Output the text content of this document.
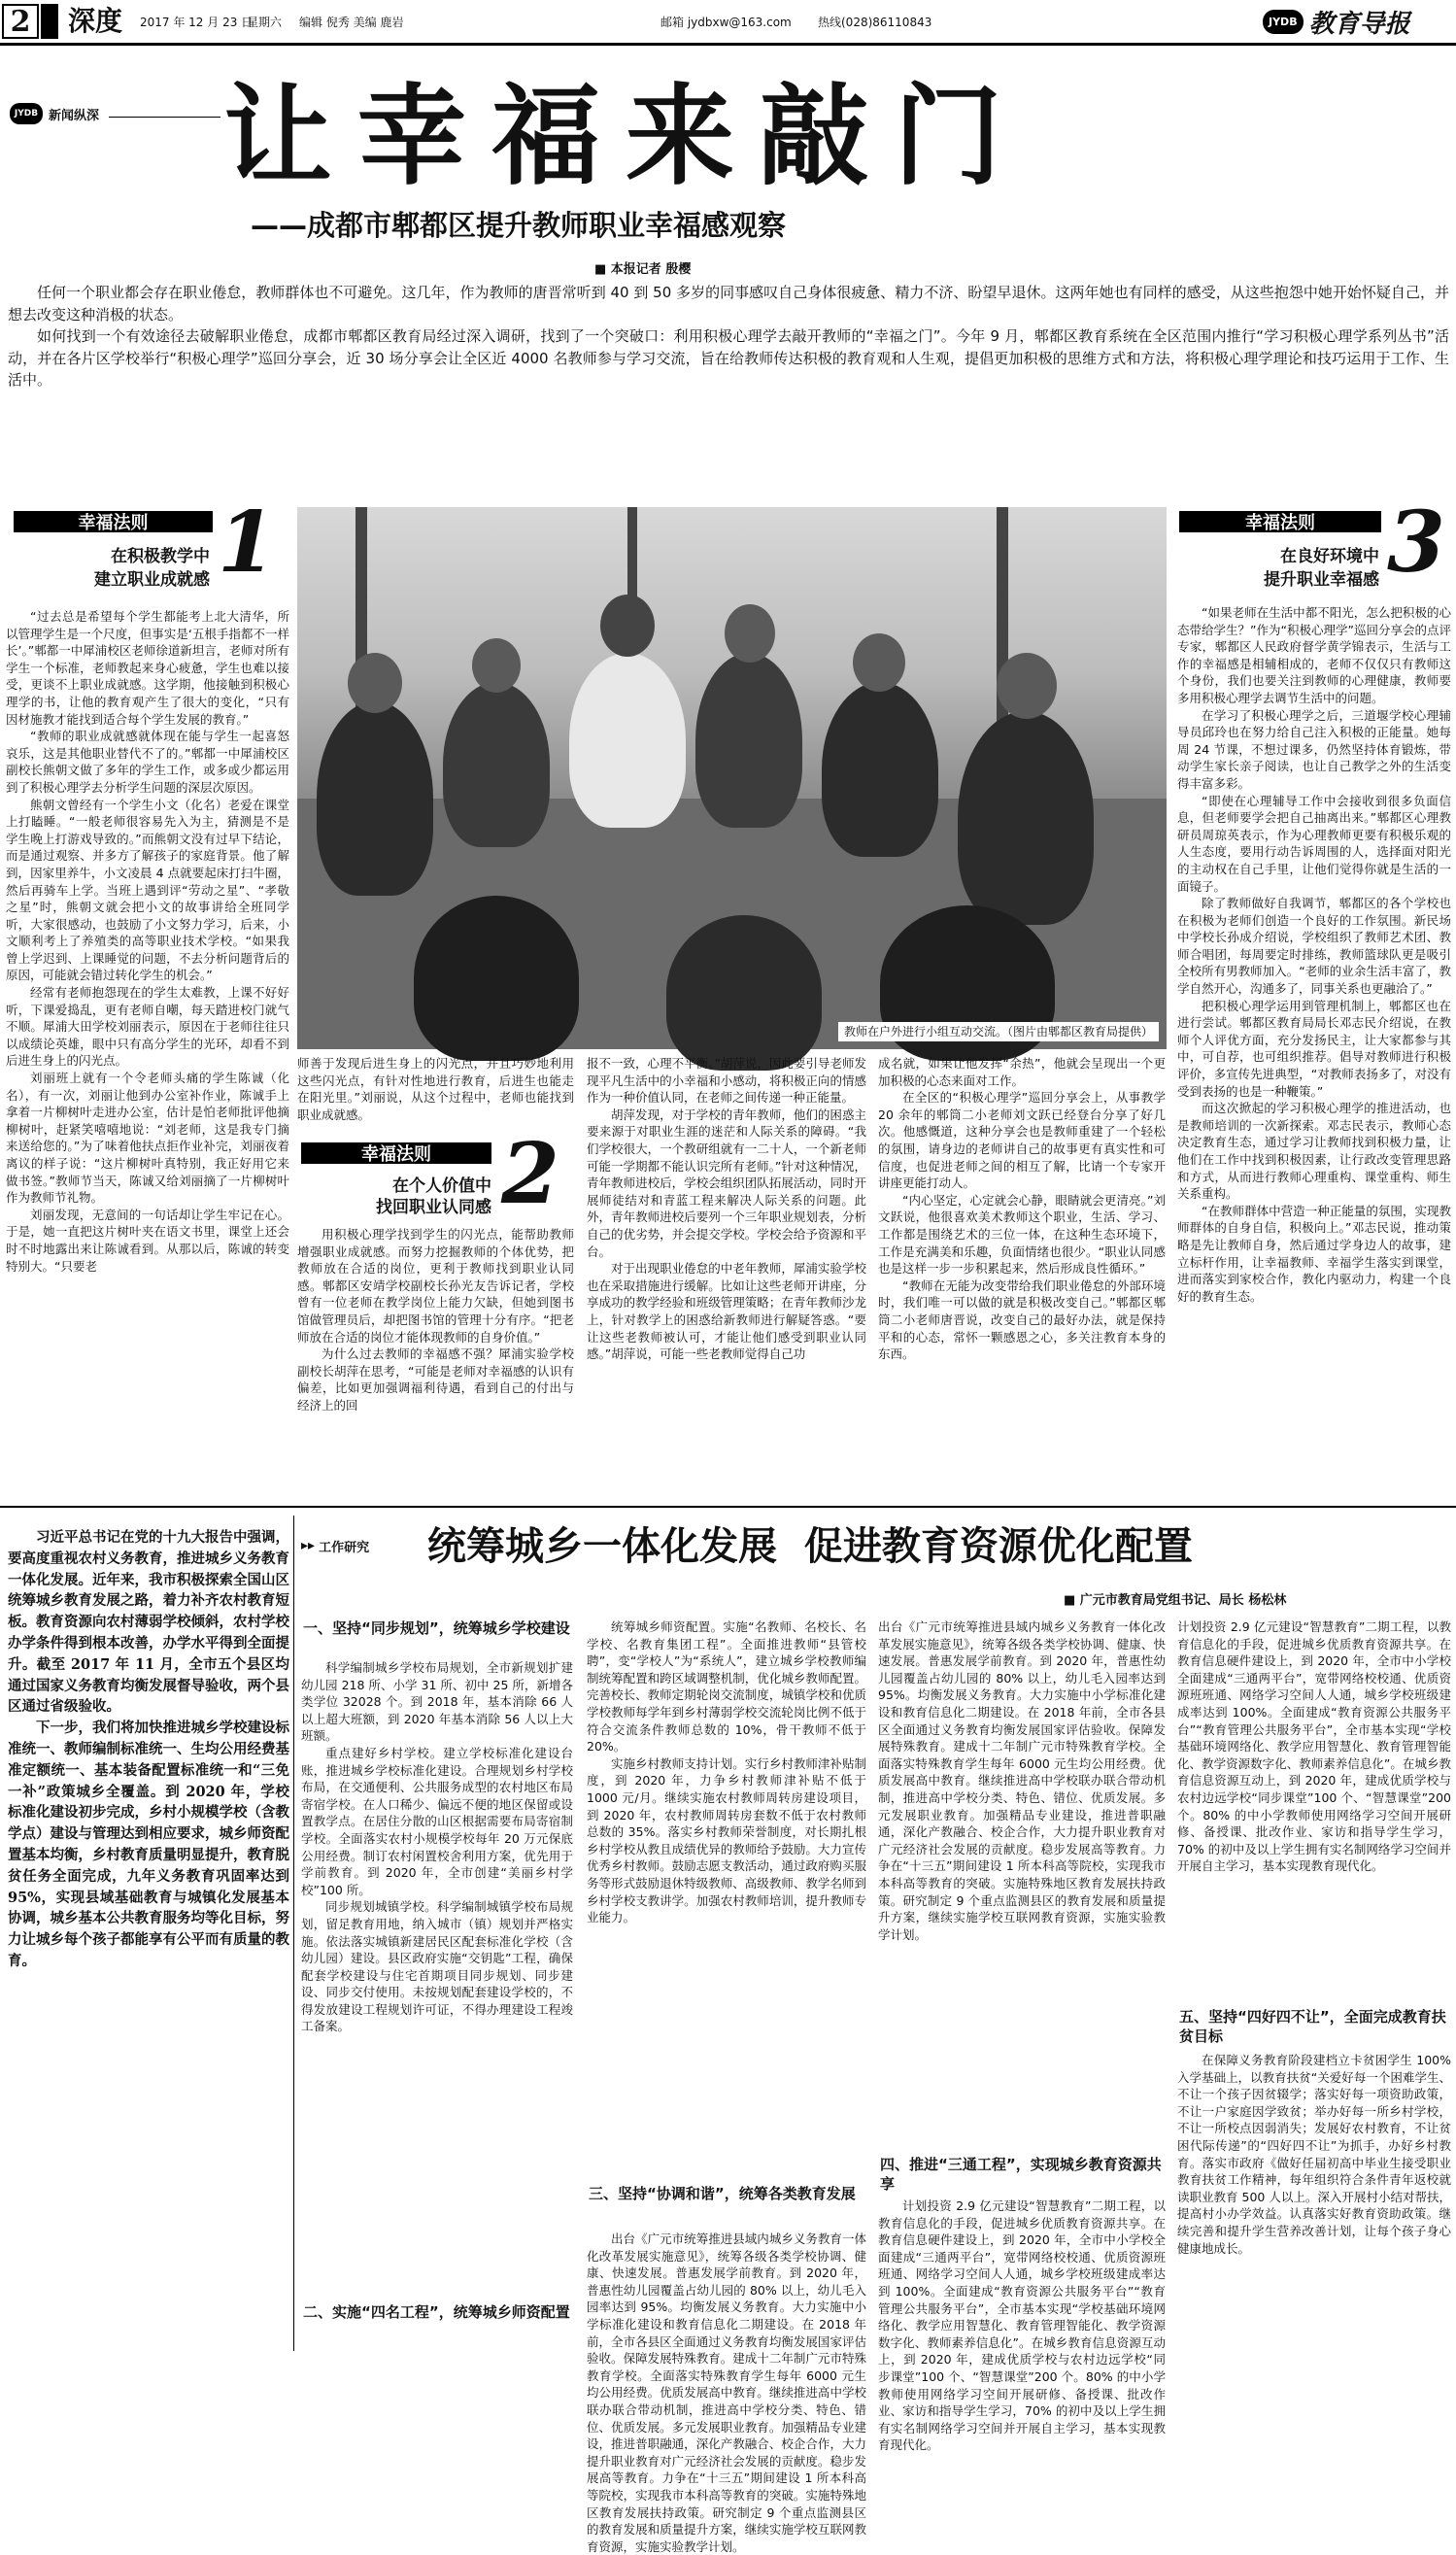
2 深度 2017 年 12 月 23 日
星期六 编辑 倪秀 美编 鹿岩	邮箱 jydbxw@163.com 热线(028)86110843	JYDB 教育导报
JYDB 新闻纵深 让幸福来敲门
——成都市郫都区提升教师职业幸福感观察
■ 本报记者 殷樱

任何一个职业都会存在职业倦怠，教师群体也不可避免。这几年，作为教师的唐晋常听到 40 到 50 多岁的同事感叹自己身体很疲惫、精力不济、盼望早退休。这两年她也有同样的感受，从这些抱怨中她开始怀疑自己，并想去改变这种消极的状态。

如何找到一个有效途径去破解职业倦怠，成都市郫都区教育局经过深入调研，找到了一个突破口：利用积极心理学去敲开教师的“幸福之门”。今年 9 月，郫都区教育系统在全区范围内推行“学习积极心理学系列丛书”活动，并在各片区学校举行“积极心理学”巡回分享会，近 30 场分享会让全区近 4000 名教师参与学习交流，旨在给教师传达积极的教育观和人生观，提倡更加积极的思维方式和方法，将积极心理学理论和技巧运用于工作、生活中。

幸福法则 1
在积极教学中
建立职业成就感

“过去总是希望每个学生都能考上北大清华，所以管理学生是一个尺度，但事实是‘五根手指都不一样长’。”郫都一中犀浦校区老师徐道新坦言，老师对所有学生一个标准，老师教起来身心疲惫，学生也难以接受，更谈不上职业成就感。这学期，他接触到积极心理学的书，让他的教育观产生了很大的变化，“只有因材施教才能找到适合每个学生发展的教育。”

“教师的职业成就感就体现在能与学生一起喜怒哀乐，这是其他职业替代不了的。”郫都一中犀浦校区副校长熊朝文做了多年的学生工作，或多或少都运用到了积极心理学去分析学生问题的深层次原因。

熊朝文曾经有一个学生小文（化名）老爱在课堂上打瞌睡。“一般老师很容易先入为主，猜测是不是学生晚上打游戏导致的。”而熊朝文没有过早下结论，而是通过观察、并多方了解孩子的家庭背景。他了解到，因家里养牛，小文凌晨 4 点就要起床打扫牛圈，然后再骑车上学。当班上遇到评“劳动之星”、“孝敬之星”时，熊朝文就会把小文的故事讲给全班同学听，大家很感动，也鼓励了小文努力学习，后来，小文顺利考上了养殖类的高等职业技术学校。“如果我曾上学迟到、上课睡觉的问题，不去分析问题背后的原因，可能就会错过转化学生的机会。”

经常有老师抱怨现在的学生太难教，上课不好好听，下课爱捣乱，更有老师自嘲，每天踏进校门就气不顺。犀浦大田学校刘丽表示，原因在于老师往往只以成绩论英雄，眼中只有高分学生的光环，却看不到后进生身上的闪光点。

刘丽班上就有一个令老师头痛的学生陈诚（化名），有一次，刘丽让他到办公室补作业，陈诚手上拿着一片柳树叶走进办公室，估计是怕老师批评他摘柳树叶，赶紧笑嘻嘻地说：“刘老师，这是我专门摘来送给您的。”为了味着他扶点拒作业补完，刘丽夜着离议的样子说：“这片柳树叶真特别，我正好用它来做书签。”教师节当天，陈诚又给刘丽摘了一片柳树叶作为教师节礼物。

刘丽发现，无意间的一句话却让学生牢记在心。于是，她一直把这片树叶夹在语文书里，课堂上还会时不时地露出来让陈诚看到。从那以后，陈诚的转变特别大。“只要老

教师在户外进行小组互动交流。（图片由郫都区教育局提供）

师善于发现后进生身上的闪光点，并且巧妙地利用这些闪光点，有针对性地进行教育，后进生也能走在阳光里。”刘丽说，从这个过程中，老师也能找到职业成就感。

幸福法则 2
在个人价值中
找回职业认同感

用积极心理学找到学生的闪光点，能帮助教师增强职业成就感。而努力挖掘教师的个体优势，把教师放在合适的岗位，更利于教师找到职业认同感。郫都区安靖学校副校长孙光友告诉记者，学校曾有一位老师在教学岗位上能力欠缺，但她到图书馆做管理员后，却把图书馆的管理十分有序。“把老师放在合适的岗位才能体现教师的自身价值。”

为什么过去教师的幸福感不强？犀浦实验学校副校长胡萍在思考，“可能是老师对幸福感的认识有偏差，比如更加强调福利待遇，看到自己的付出与经济上的回

报不一致，心理不平衡。”胡萍说，因此要引导老师发现平凡生活中的小幸福和小感动，将积极正向的情感作为一种价值认同，在老师之间传递一种正能量。

胡萍发现，对于学校的青年教师，他们的困惑主要来源于对职业生涯的迷茫和人际关系的障碍。“我们学校很大，一个教研组就有一二十人，一个新老师可能一学期都不能认识完所有老师。”针对这种情况，青年教师进校后，学校会组织团队拓展活动，同时开展师徒结对和青蓝工程来解决人际关系的问题。此外，青年教师进校后要列一个三年职业规划表，分析自己的优劣势，并会提交学校。学校会给予资源和平台。

对于出现职业倦怠的中老年教师，犀浦实验学校也在采取措施进行缓解。比如让这些老师开讲座，分享成功的教学经验和班级管理策略；在青年教师沙龙上，针对教学上的困惑给新教师进行解疑答惑。“要让这些老教师被认可，才能让他们感受到职业认同感。”胡萍说，可能一些老教师觉得自己功

成名就，如果让他发挥“余热”，他就会呈现出一个更加积极的心态来面对工作。

在全区的“积极心理学”巡回分享会上，从事教学 20 余年的郫筒二小老师刘文跃已经登台分享了好几次。他感慨道，这种分享会也是教师重建了一个轻松的氛围，请身边的老师讲自己的故事更有真实性和可信度，也促进老师之间的相互了解，比请一个专家开讲座更能打动人。

“内心坚定，心定就会心静，眼睛就会更清亮。”刘文跃说，他很喜欢美术教师这个职业，生活、学习、工作都是围绕艺术的三位一体，在这种生态环境下，工作是充满美和乐趣，负面情绪也很少。“职业认同感也是这样一步一步积累起来，然后形成良性循环。”

“教师在无能为改变带给我们职业倦怠的外部环境时，我们唯一可以做的就是积极改变自己。”郫都区郫筒二小老师唐晋说，改变自己的最好办法，就是保持平和的心态，常怀一颗感恩之心，多关注教育本身的东西。

幸福法则 3
在良好环境中
提升职业幸福感

“如果老师在生活中都不阳光，怎么把积极的心态带给学生？”作为“积极心理学”巡回分享会的点评专家，郫都区人民政府督学黄学锦表示，生活与工作的幸福感是相辅相成的，老师不仅仅只有教师这个身份，我们也要关注到教师的心理健康，教师要多用积极心理学去调节生活中的问题。

在学习了积极心理学之后，三道堰学校心理辅导员邱玲也在努力给自己注入积极的正能量。她每周 24 节课，不想过课多，仍然坚持体育锻炼，带动学生家长亲子阅读，也让自己教学之外的生活变得丰富多彩。

“即使在心理辅导工作中会接收到很多负面信息，但老师要学会把自己抽离出来。”郫都区心理教研员周琼英表示，作为心理教师更要有积极乐观的人生态度，要用行动告诉周围的人，选择面对阳光的主动权在自己手里，让他们觉得你就是生活的一面镜子。

除了教师做好自我调节，郫都区的各个学校也在积极为老师们创造一个良好的工作氛围。新民场中学校长孙成介绍说，学校组织了教师艺术团、教师合唱团，每周要定时排练，教师篮球队更是吸引全校所有男教师加入。“老师的业余生活丰富了，教学自然开心，沟通多了，同事关系也更融洽了。”

把积极心理学运用到管理机制上，郫都区也在进行尝试。郫都区教育局局长邓志民介绍说，在教师个人评优方面，充分发扬民主，让大家都参与其中，可自荐，也可组织推荐。倡导对教师进行积极评价，多宣传先进典型，“对教师表扬多了，对没有受到表扬的也是一种鞭策。”

而这次掀起的学习积极心理学的推进活动，也是教师培训的一次新探索。邓志民表示，教师心态决定教育生态，通过学习让教师找到积极力量，让他们在工作中找到积极因素，让行政改变管理思路和方式，从而进行教师心理重构、课堂重构、师生关系重构。

“在教师群体中营造一种正能量的氛围，实现教师群体的自身自信，积极向上。”邓志民说，推动策略是先让教师自身，然后通过学身边人的故事，建立标杆作用，让幸福教师、幸福学生落实到课堂，进而落实到家校合作，教化内驱动力，构建一个良好的教育生态。

习近平总书记在党的十九大报告中强调，要高度重视农村义务教育，推进城乡义务教育一体化发展。近年来，我市积极探索全国山区统筹城乡教育发展之路，着力补齐农村教育短板。教育资源向农村薄弱学校倾斜，农村学校办学条件得到根本改善，办学水平得到全面提升。截至 2017 年 11 月，全市五个县区均通过国家义务教育均衡发展督导验收，两个县区通过省级验收。

下一步，我们将加快推进城乡学校建设标准统一、教师编制标准统一、生均公用经费基准定额统一、基本装备配置标准统一和“三免一补”政策城乡全覆盖。到 2020 年，学校标准化建设初步完成，乡村小规模学校（含教学点）建设与管理达到相应要求，城乡师资配置基本均衡，乡村教育质量明显提升，教育脱贫任务全面完成，九年义务教育巩固率达到 95%，实现县域基础教育与城镇化发展基本协调，城乡基本公共教育服务均等化目标，努力让城乡每个孩子都能享有公平而有质量的教育。

▸▸ 工作研究 统筹城乡一体化发展  促进教育资源优化配置
■ 广元市教育局党组书记、局长 杨松林
一、坚持“同步规划”，统筹城乡学校建设

科学编制城乡学校布局规划，全市新规划扩建幼儿园 218 所、小学 31 所、初中 25 所，新增各类学位 32028 个。到 2018 年，基本消除 66 人以上超大班额，到 2020 年基本消除 56 人以上大班额。

重点建好乡村学校。建立学校标准化建设台账，推进城乡学校标准化建设。合理规划乡村学校布局，在交通便利、公共服务成型的农村地区布局寄宿学校。在人口稀少、偏远不便的地区保留或设置教学点。在居住分散的山区根据需要布局寄宿制学校。全面落实农村小规模学校每年 20 万元保底公用经费。制订农村闲置校舍利用方案，优先用于学前教育。到 2020 年，全市创建“美丽乡村学校”100 所。

同步规划城镇学校。科学编制城镇学校布局规划，留足教育用地，纳入城市（镇）规划并严格实施。依法落实城镇新建居民区配套标准化学校（含幼儿园）建设。县区政府实施“交钥匙”工程，确保配套学校建设与住宅首期项目同步规划、同步建设、同步交付使用。未按规划配套建设学校的，不得发放建设工程规划许可证，不得办理建设工程竣工备案。

二、实施“四名工程”，统筹城乡师资配置

统筹城乡师资配置。实施“名教师、名校长、名学校、名教育集团工程”。全面推进教师“县管校聘”，变“学校人”为“系统人”，建立城乡学校教师编制统筹配置和跨区域调整机制，优化城乡教师配置。完善校长、教师定期轮岗交流制度，城镇学校和优质学校教师每学年到乡村薄弱学校交流轮岗比例不低于符合交流条件教师总数的 10%，骨干教师不低于 20%。

实施乡村教师支持计划。实行乡村教师津补贴制度，到 2020 年，力争乡村教师津补贴不低于 1000 元/月。继续实施农村教师周转房建设项目，到 2020 年，农村教师周转房套数不低于农村教师总数的 35%。落实乡村教师荣誉制度，对长期扎根乡村学校从教且成绩优异的教师给予鼓励。大力宣传优秀乡村教师。鼓励志愿支教活动，通过政府购买服务等形式鼓励退休特级教师、高级教师、教学名师到乡村学校支教讲学。加强农村教师培训，提升教师专业能力。

三、坚持“协调和谐”，统筹各类教育发展

出台《广元市统筹推进县域内城乡义务教育一体化改革发展实施意见》，统筹各级各类学校协调、健康、快速发展。普惠发展学前教育。到 2020 年，普惠性幼儿园覆盖占幼儿园的 80% 以上，幼儿毛入园率达到 95%。均衡发展义务教育。大力实施中小学标准化建设和教育信息化二期建设。在 2018 年前，全市各县区全面通过义务教育均衡发展国家评估验收。保障发展特殊教育。建成十二年制广元市特殊教育学校。全面落实特殊教育学生每年 6000 元生均公用经费。优质发展高中教育。继续推进高中学校联办联合带动机制，推进高中学校分类、特色、错位、优质发展。多元发展职业教育。加强精品专业建设，推进普职融通，深化产教融合、校企合作，大力提升职业教育对广元经济社会发展的贡献度。稳步发展高等教育。力争在“十三五”期间建设 1 所本科高等院校，实现我市本科高等教育的突破。实施特殊地区教育发展扶持政策。研究制定 9 个重点监测县区的教育发展和质量提升方案，继续实施学校互联网教育资源，实施实验教学计划。

出台《广元市统筹推进县域内城乡义务教育一体化改革发展实施意见》，统筹各级各类学校协调、健康、快速发展。普惠发展学前教育。到 2020 年，普惠性幼儿园覆盖占幼儿园的 80% 以上，幼儿毛入园率达到 95%。均衡发展义务教育。大力实施中小学标准化建设和教育信息化二期建设。在 2018 年前，全市各县区全面通过义务教育均衡发展国家评估验收。保障发展特殊教育。建成十二年制广元市特殊教育学校。全面落实特殊教育学生每年 6000 元生均公用经费。优质发展高中教育。继续推进高中学校联办联合带动机制，推进高中学校分类、特色、错位、优质发展。多元发展职业教育。加强精品专业建设，推进普职融通，深化产教融合、校企合作，大力提升职业教育对广元经济社会发展的贡献度。稳步发展高等教育。力争在“十三五”期间建设 1 所本科高等院校，实现我市本科高等教育的突破。实施特殊地区教育发展扶持政策。研究制定 9 个重点监测县区的教育发展和质量提升方案，继续实施学校互联网教育资源，实施实验教学计划。

四、推进“三通工程”，实现城乡教育资源共享

计划投资 2.9 亿元建设“智慧教育”二期工程，以教育信息化的手段，促进城乡优质教育资源共享。在教育信息硬件建设上，到 2020 年，全市中小学校全面建成“三通两平台”，宽带网络校校通、优质资源班班通、网络学习空间人人通，城乡学校班级建成率达到 100%。全面建成“教育资源公共服务平台”“教育管理公共服务平台”，全市基本实现“学校基础环境网络化、教学应用智慧化、教育管理智能化、教学资源数字化、教师素养信息化”。在城乡教育信息资源互动上，到 2020 年，建成优质学校与农村边远学校“同步课堂”100 个、“智慧课堂”200 个。80% 的中小学教师使用网络学习空间开展研修、备授课、批改作业、家访和指导学生学习，70% 的初中及以上学生拥有实名制网络学习空间并开展自主学习，基本实现教育现代化。

计划投资 2.9 亿元建设“智慧教育”二期工程，以教育信息化的手段，促进城乡优质教育资源共享。在教育信息硬件建设上，到 2020 年，全市中小学校全面建成“三通两平台”，宽带网络校校通、优质资源班班通、网络学习空间人人通，城乡学校班级建成率达到 100%。全面建成“教育资源公共服务平台”“教育管理公共服务平台”，全市基本实现“学校基础环境网络化、教学应用智慧化、教育管理智能化、教学资源数字化、教师素养信息化”。在城乡教育信息资源互动上，到 2020 年，建成优质学校与农村边远学校“同步课堂”100 个、“智慧课堂”200 个。80% 的中小学教师使用网络学习空间开展研修、备授课、批改作业、家访和指导学生学习，70% 的初中及以上学生拥有实名制网络学习空间并开展自主学习，基本实现教育现代化。

五、坚持“四好四不让”，全面完成教育扶贫目标

在保障义务教育阶段建档立卡贫困学生 100% 入学基础上，以教育扶贫“关爱好每一个困难学生、不让一个孩子因贫辍学；落实好每一项资助政策，不让一户家庭因学致贫；举办好每一所乡村学校，不让一所校点因弱消失；发展好农村教育，不让贫困代际传递”的“四好四不让”为抓手，办好乡村教育。落实市政府《做好任届初高中毕业生接受职业教育扶贫工作精神，每年组织符合条件青年返校就读职业教育 500 人以上。深入开展村小结对帮扶，提高村小办学效益。认真落实好教育资助政策。继续完善和提升学生营养改善计划，让每个孩子身心健康地成长。
